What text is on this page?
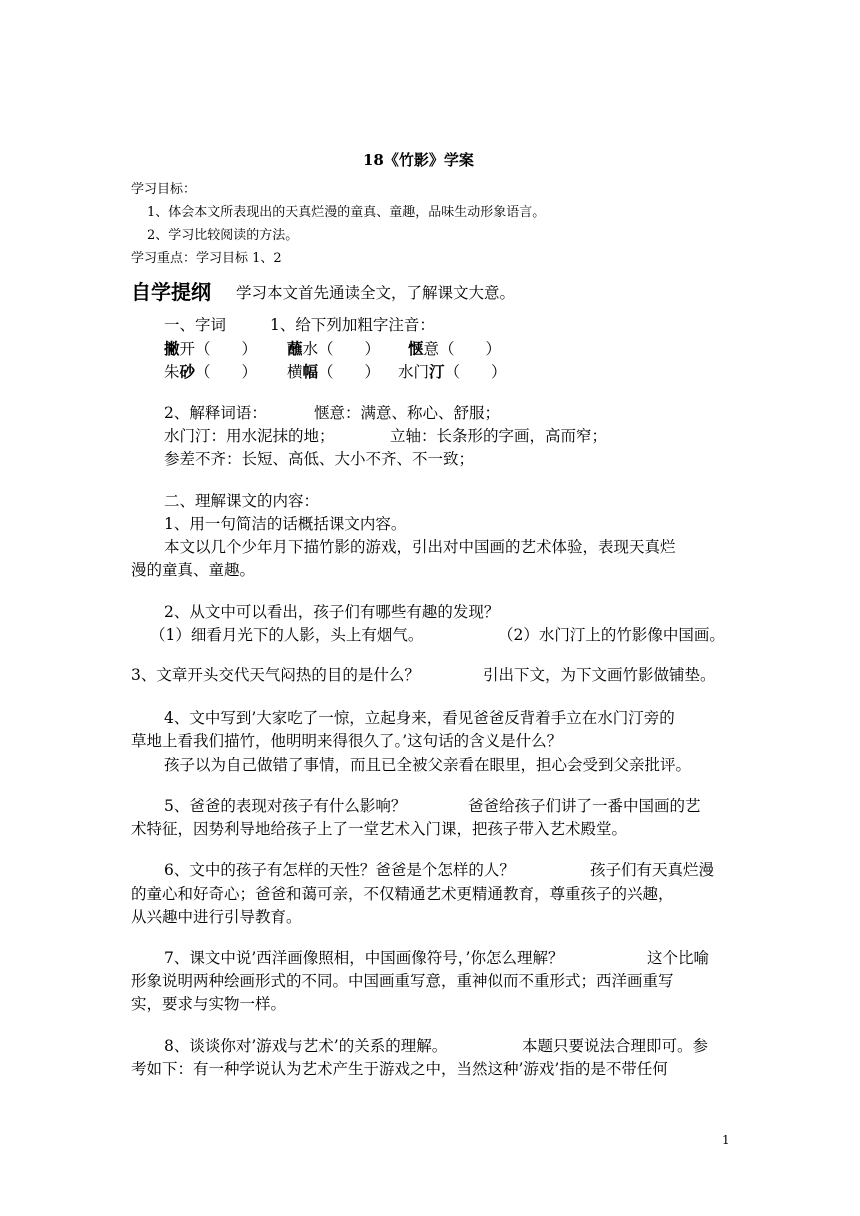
18《竹影》学案
学习目标：
1、体会本文所表现出的天真烂漫的童真、童趣，品味生动形象语言。
2、学习比较阅读的方法。
学习重点：学习目标 1、2
自学提纲 学习本文首先通读全文，了解课文大意。
一、字词	1、给下列加粗字注音：
撇开（　　） 蘸水（　　） 惬意（　　）
朱砂（　　） 横幅（　　） 水门汀（　　）
2、解释词语：	惬意：满意、称心、舒服；
水门汀：用水泥抹的地；	立轴：长条形的字画，高而窄；
参差不齐：长短、高低、大小不齐、不一致；
二、理解课文的内容：
1、用一句简洁的话概括课文内容。
本文以几个少年月下描竹影的游戏，引出对中国画的艺术体验，表现天真烂
漫的童真、童趣。
2、从文中可以看出，孩子们有哪些有趣的发现？
（1）细看月光下的人影，头上有烟气。	（2）水门汀上的竹影像中国画。
3、文章开头交代天气闷热的目的是什么？	引出下文，为下文画竹影做铺垫。
4、文中写到’大家吃了一惊，立起身来，看见爸爸反背着手立在水门汀旁的
草地上看我们描竹，他明明来得很久了。’这句话的含义是什么？
孩子以为自己做错了事情，而且已全被父亲看在眼里，担心会受到父亲批评。
5、爸爸的表现对孩子有什么影响？	爸爸给孩子们讲了一番中国画的艺
术特征，因势利导地给孩子上了一堂艺术入门课，把孩子带入艺术殿堂。
6、文中的孩子有怎样的天性？爸爸是个怎样的人？	孩子们有天真烂漫
的童心和好奇心；爸爸和蔼可亲，不仅精通艺术更精通教育，尊重孩子的兴趣，
从兴趣中进行引导教育。
7、课文中说’西洋画像照相，中国画像符号，’你怎么理解？	这个比喻
形象说明两种绘画形式的不同。中国画重写意，重神似而不重形式；西洋画重写
实，要求与实物一样。
8、谈谈你对’游戏与艺术’的关系的理解。	本题只要说法合理即可。参
考如下：有一种学说认为艺术产生于游戏之中，当然这种’游戏’指的是不带任何
1
